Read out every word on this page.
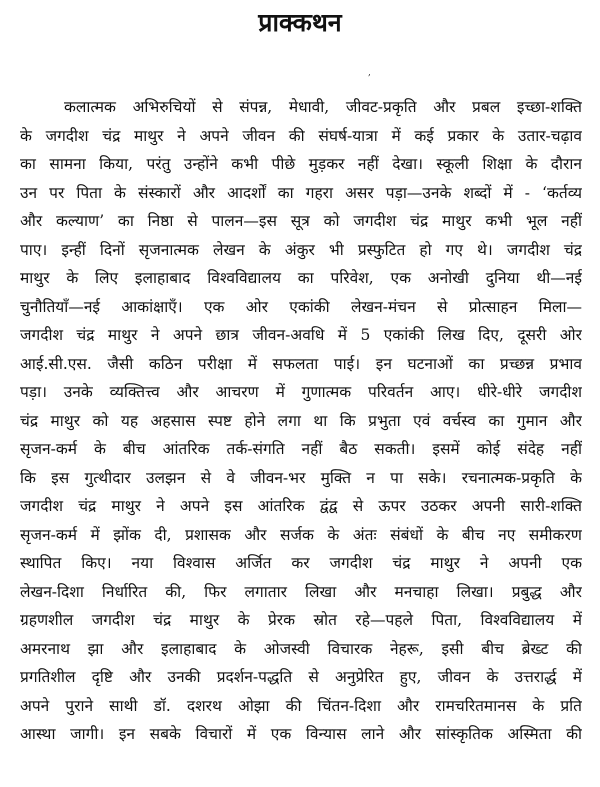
प्राक्कथन
,
कलात्मक अभिरुचियों से संपन्न, मेधावी, जीवट-प्रकृति और प्रबल इच्छा-शक्ति
के जगदीश चंद्र माथुर ने अपने जीवन की संघर्ष-यात्रा में कई प्रकार के उतार-चढ़ाव
का सामना किया, परंतु उन्होंने कभी पीछे मुड़कर नहीं देखा। स्कूली शिक्षा के दौरान
उन पर पिता के संस्कारों और आदर्शों का गहरा असर पड़ा—उनके शब्दों में - ‘कर्तव्य
और कल्याण’ का निष्ठा से पालन—इस सूत्र को जगदीश चंद्र माथुर कभी भूल नहीं
पाए। इन्हीं दिनों सृजनात्मक लेखन के अंकुर भी प्रस्फुटित हो गए थे। जगदीश चंद्र
माथुर के लिए इलाहाबाद विश्वविद्यालय का परिवेश, एक अनोखी दुनिया थी—नई
चुनौतियाँ—नई आकांक्षाएँ। एक ओर एकांकी लेखन-मंचन से प्रोत्साहन मिला—
जगदीश चंद्र माथुर ने अपने छात्र जीवन-अवधि में 5 एकांकी लिख दिए, दूसरी ओर
आई.सी.एस. जैसी कठिन परीक्षा में सफलता पाई। इन घटनाओं का प्रच्छन्न प्रभाव
पड़ा। उनके व्यक्तित्त्व और आचरण में गुणात्मक परिवर्तन आए। धीरे-धीरे जगदीश
चंद्र माथुर को यह अहसास स्पष्ट होने लगा था कि प्रभुता एवं वर्चस्व का गुमान और
सृजन-कर्म के बीच आंतरिक तर्क-संगति नहीं बैठ सकती। इसमें कोई संदेह नहीं
कि इस गुत्थीदार उलझन से वे जीवन-भर मुक्ति न पा सके। रचनात्मक-प्रकृति के
जगदीश चंद्र माथुर ने अपने इस आंतरिक द्वंद्व से ऊपर उठकर अपनी सारी-शक्ति
सृजन-कर्म में झोंक दी, प्रशासक और सर्जक के अंतः संबंधों के बीच नए समीकरण
स्थापित किए। नया विश्वास अर्जित कर जगदीश चंद्र माथुर ने अपनी एक
लेखन-दिशा निर्धारित की, फिर लगातार लिखा और मनचाहा लिखा। प्रबुद्ध और
ग्रहणशील जगदीश चंद्र माथुर के प्रेरक स्रोत रहे—पहले पिता, विश्वविद्यालय में
अमरनाथ झा और इलाहाबाद के ओजस्वी विचारक नेहरू, इसी बीच ब्रेख्ट की
प्रगतिशील दृष्टि और उनकी प्रदर्शन-पद्धति से अनुप्रेरित हुए, जीवन के उत्तरार्द्ध में
अपने पुराने साथी डॉ. दशरथ ओझा की चिंतन-दिशा और रामचरितमानस के प्रति
आस्था जागी। इन सबके विचारों में एक विन्यास लाने और सांस्कृतिक अस्मिता की
